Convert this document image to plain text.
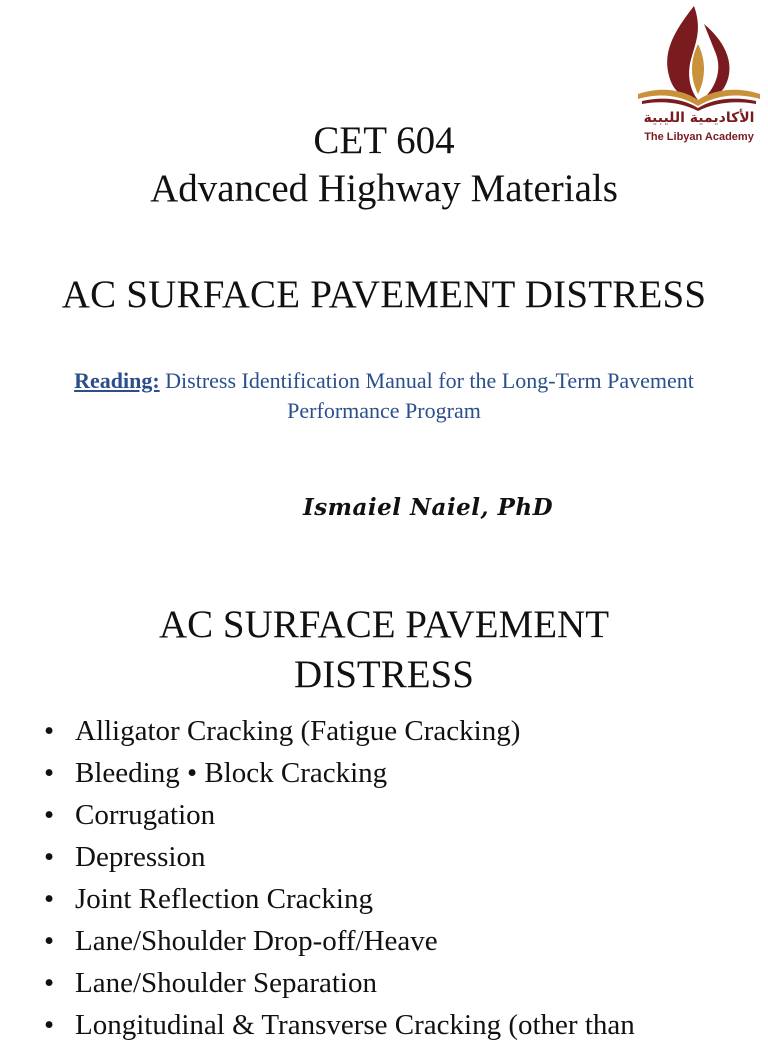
الأكاديمية الليبية
The Libyan Academy
CET 604
Advanced Highway Materials
AC SURFACE PAVEMENT DISTRESS
Reading: Distress Identification Manual for the Long-Term Pavement Performance Program
Ismaiel Naiel, PhD
AC SURFACE PAVEMENT
DISTRESS
• Alligator Cracking (Fatigue Cracking)
• Bleeding • Block Cracking
• Corrugation
• Depression
• Joint Reflection Cracking
• Lane/Shoulder Drop-off/Heave
• Lane/Shoulder Separation
• Longitudinal & Transverse Cracking (other than
